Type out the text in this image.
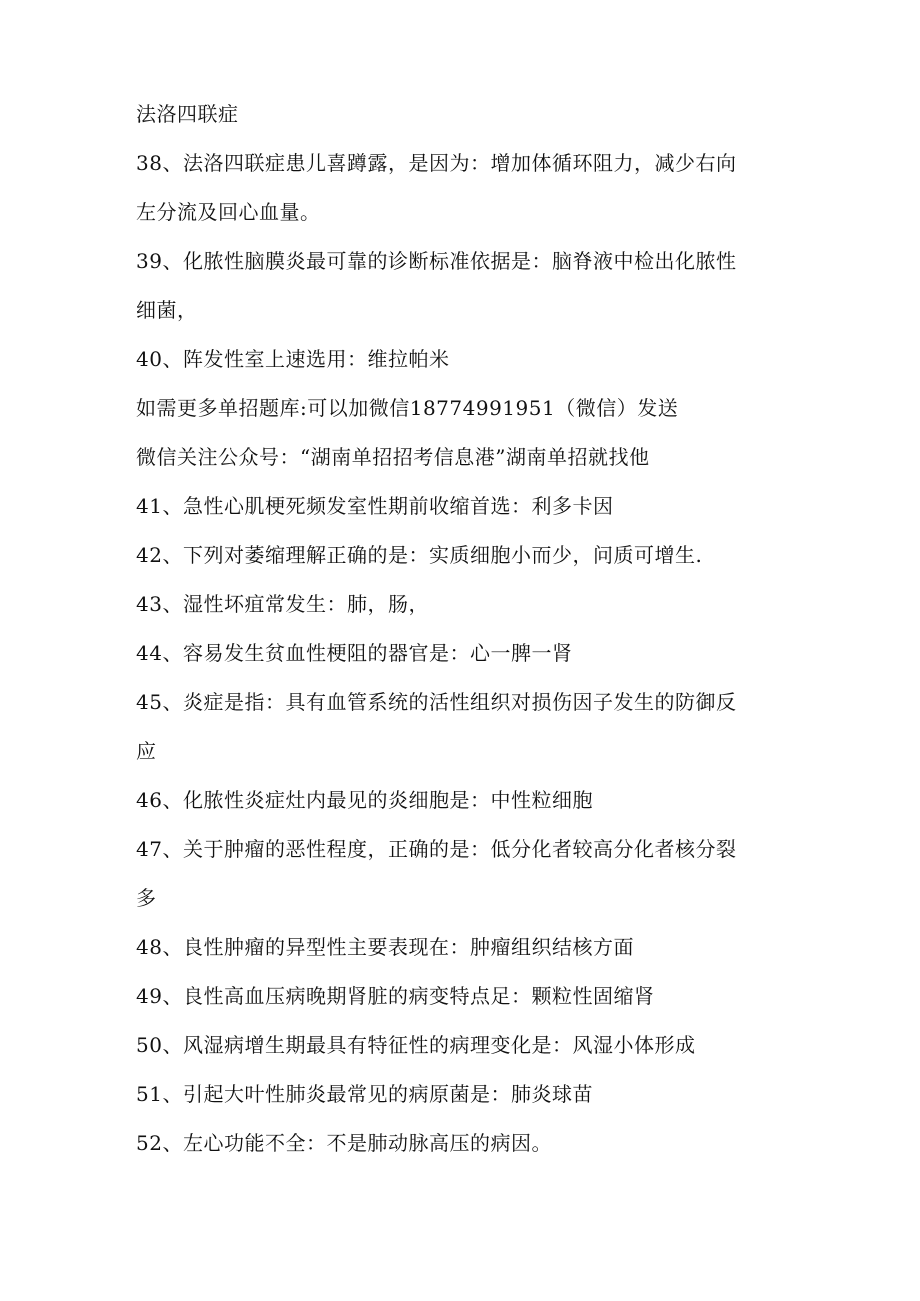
法洛四联症
38、法洛四联症患儿喜蹲露，是因为：增加体循环阻力，减少右向
左分流及回心血量。
39、化脓性脑膜炎最可靠的诊断标准依据是：脑脊液中检出化脓性
细菌，
40、阵发性室上速选用：维拉帕米
如需更多单招题库:可以加微信18774991951（微信）发送
微信关注公众号：“湖南单招招考信息港”湖南单招就找他
41、急性心肌梗死频发室性期前收缩首选：利多卡因
42、下列对萎缩理解正确的是：实质细胞小而少，问质可增生.
43、湿性坏疽常发生：肺，肠，
44、容易发生贫血性梗阻的器官是：心一脾一肾
45、炎症是指：具有血管系统的活性组织对损伤因子发生的防御反
应
46、化脓性炎症灶内最见的炎细胞是：中性粒细胞
47、关于肿瘤的恶性程度，正确的是：低分化者较高分化者核分裂
多
48、良性肿瘤的异型性主要表现在：肿瘤组织结核方面
49、良性高血压病晚期肾脏的病变特点足：颗粒性固缩肾
50、风湿病增生期最具有特征性的病理变化是：风湿小体形成
51、引起大叶性肺炎最常见的病原菌是：肺炎球苗
52、左心功能不全：不是肺动脉高压的病因。
